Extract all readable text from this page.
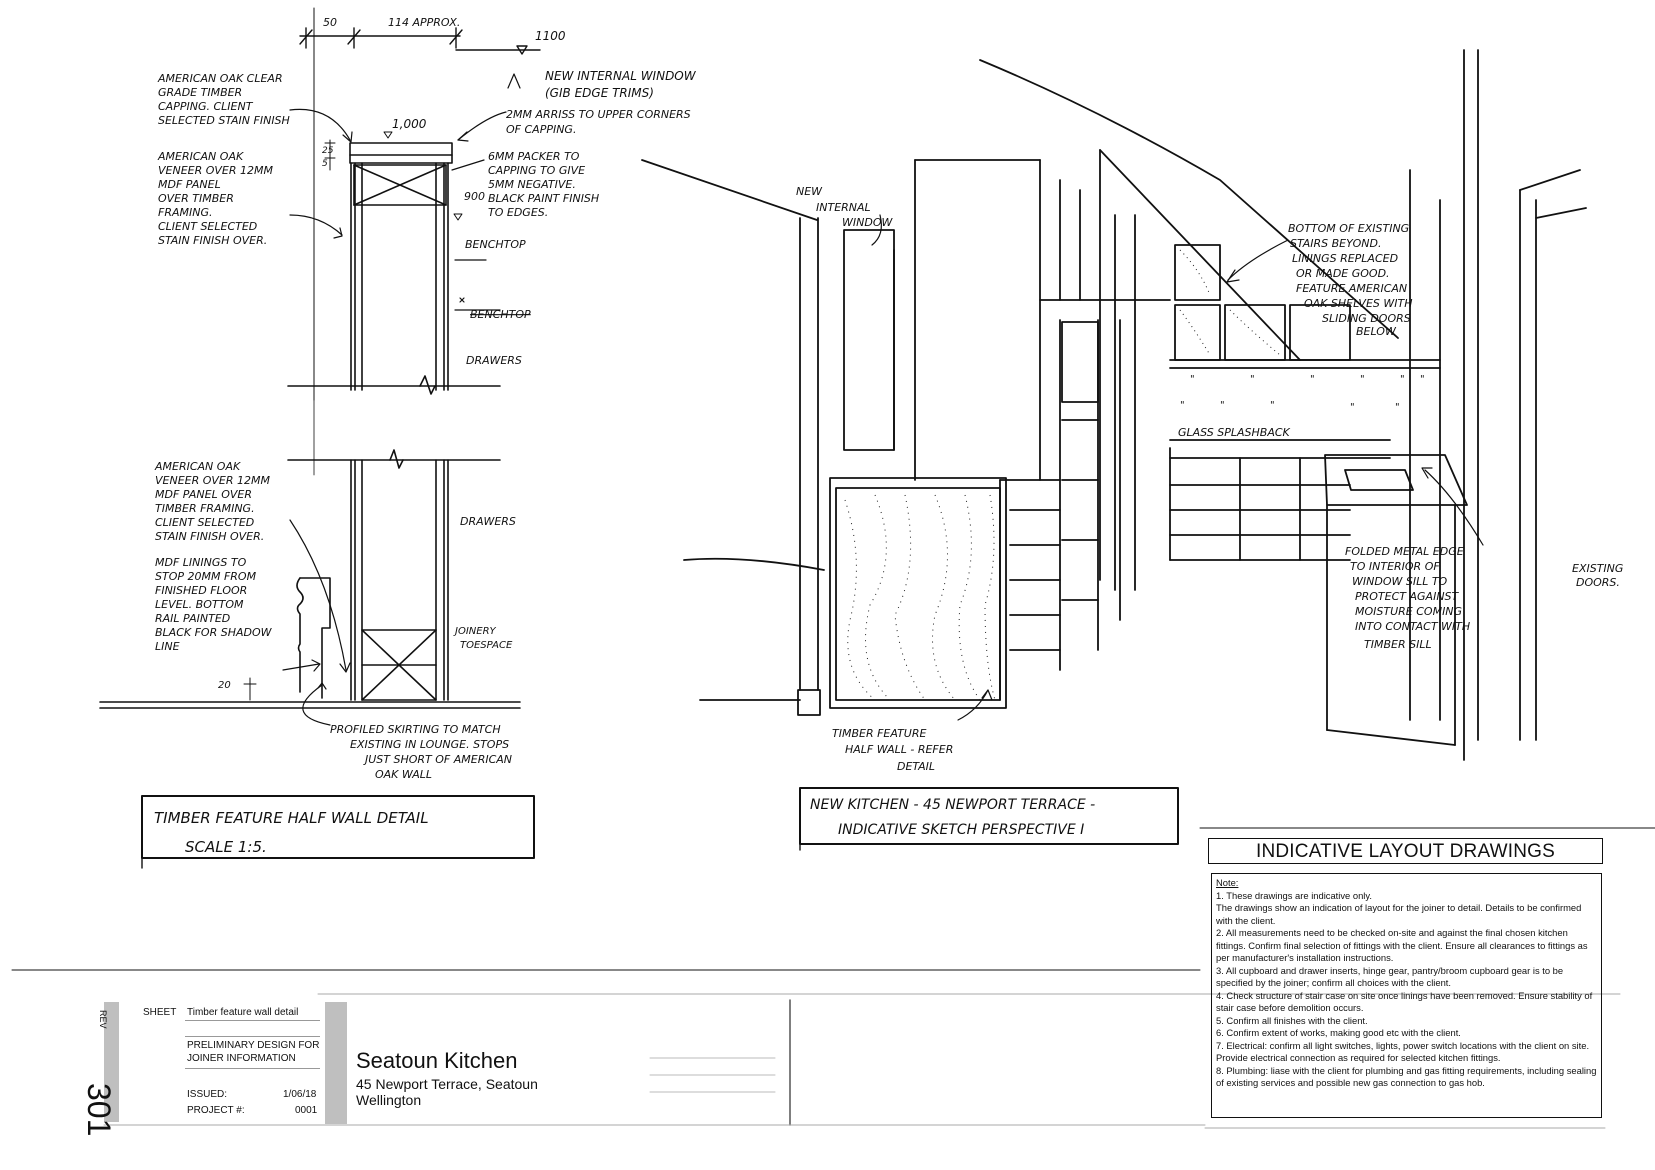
50	114 APPROX.
1100
1,000
900
25
5
AMERICAN OAK CLEAR
GRADE TIMBER
CAPPING. CLIENT
SELECTED STAIN FINISH
NEW INTERNAL WINDOW
(GIB EDGE TRIMS)
2MM ARRISS TO UPPER CORNERS
OF CAPPING.
AMERICAN OAK
VENEER OVER 12MM
MDF PANEL
OVER TIMBER
FRAMING.
CLIENT SELECTED
STAIN FINISH OVER.
6MM PACKER TO
CAPPING TO GIVE
5MM NEGATIVE.
BLACK PAINT FINISH
TO EDGES.
BENCHTOP
BENCHTOP
DRAWERS
20
AMERICAN OAK
VENEER OVER 12MM
MDF PANEL OVER
TIMBER FRAMING.
CLIENT SELECTED
STAIN FINISH OVER.
DRAWERS
MDF LININGS TO
STOP 20MM FROM
FINISHED FLOOR
LEVEL. BOTTOM
RAIL PAINTED
BLACK FOR SHADOW
LINE
JOINERY
TOESPACE
PROFILED SKIRTING TO MATCH
EXISTING IN LOUNGE. STOPS
JUST SHORT OF AMERICAN
OAK WALL
TIMBER FEATURE HALF WALL DETAIL
SCALE 1:5.
"	"	"	"	" "
"	"	"	"	"
NEW
INTERNAL
WINDOW	BOTTOM OF EXISTING
STAIRS BEYOND.
LININGS REPLACED
OR MADE GOOD.
FEATURE AMERICAN
OAK SHELVES WITH
SLIDING DOORS
BELOW
GLASS SPLASHBACK
FOLDED METAL EDGE
TO INTERIOR OF
WINDOW SILL TO
PROTECT AGAINST
MOISTURE COMING
INTO CONTACT WITH
TIMBER SILL
EXISTING
DOORS.
TIMBER FEATURE
HALF WALL - REFER
DETAIL
NEW KITCHEN - 45 NEWPORT TERRACE -
INDICATIVE SKETCH PERSPECTIVE I
INDICATIVE LAYOUT DRAWINGS
Note:

1. These drawings are indicative only.

The drawings show an indication of layout for the joiner to detail. Details to be confirmed with the client.

2. All measurements need to be checked on-site and against the final chosen kitchen fittings. Confirm final selection of fittings with the client. Ensure all clearances to fittings as per manufacturer's installation instructions.

3. All cupboard and drawer inserts, hinge gear, pantry/broom cupboard gear is to be specified by the joiner; confirm all choices with the client.

4. Check structure of stair case on site once linings have been removed. Ensure stability of stair case before demolition occurs.

5. Confirm all finishes with the client.

6. Confirm extent of works, making good etc with the client.

7. Electrical: confirm all light switches, lights, power switch locations with the client on site. Provide electrical connection as required for selected kitchen fittings.

8. Plumbing: liase with the client for plumbing and gas fitting requirements, including sealing of existing services and possible new gas connection to gas hob.

REV
301
SHEET Timber feature wall detail
PRELIMINARY DESIGN FOR
JOINER INFORMATION
ISSUED:	1/06/18
PROJECT #:	0001
Seatoun Kitchen
45 Newport Terrace, Seatoun
Wellington
